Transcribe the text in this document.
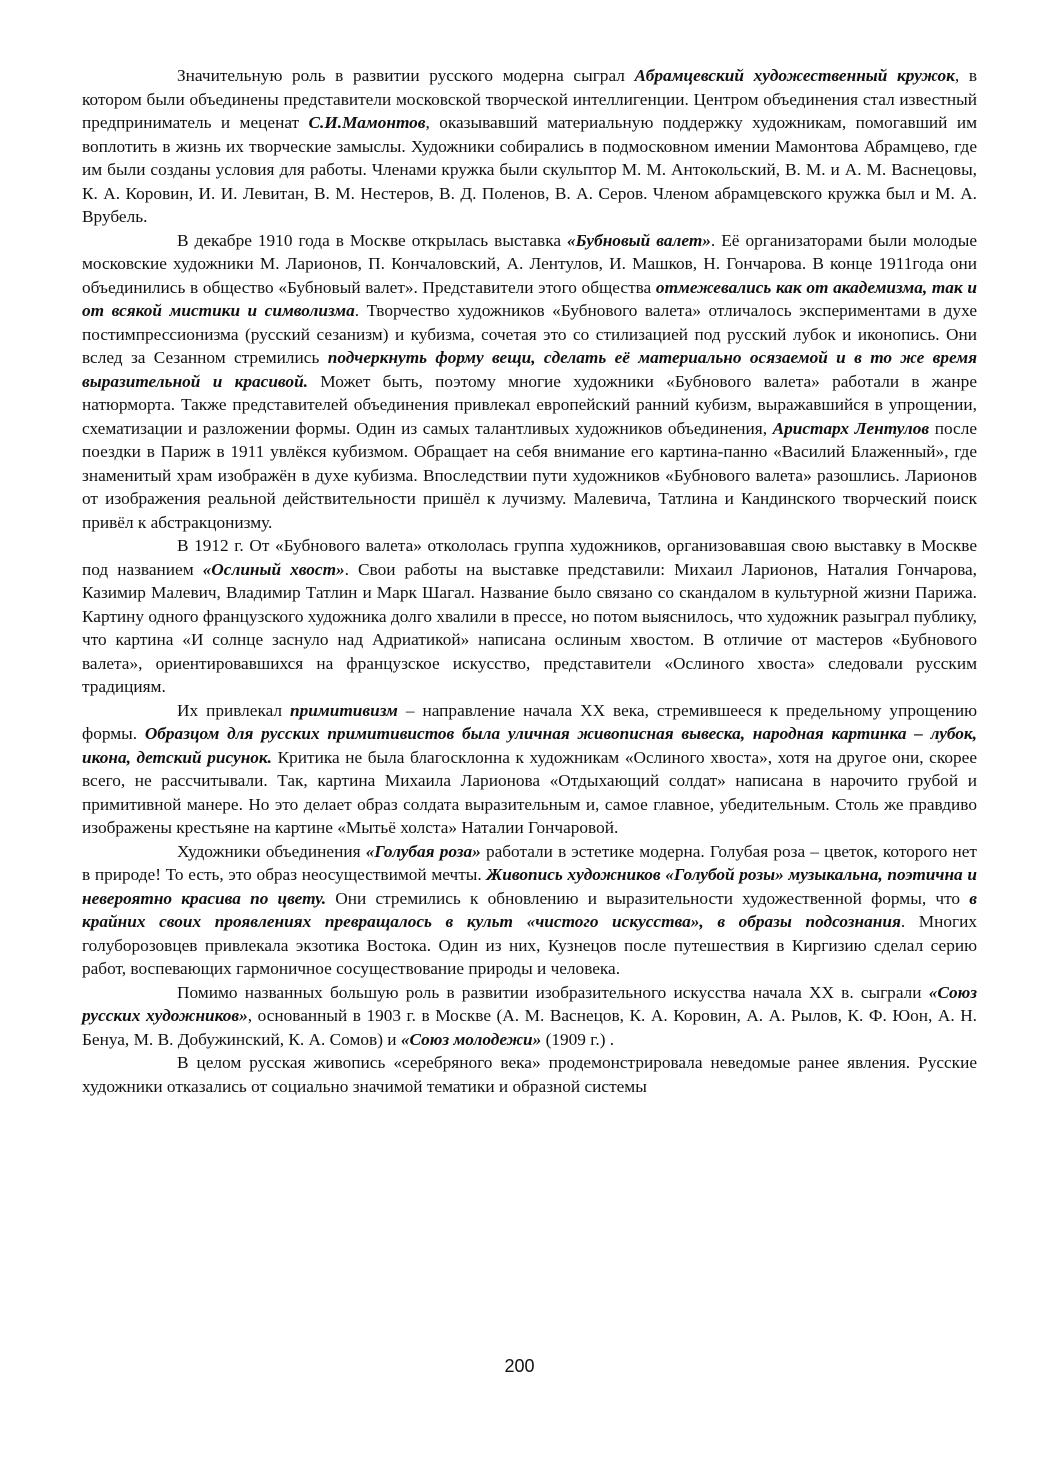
Значительную роль в развитии русского модерна сыграл Абрамцевский художественный кружок, в котором были объединены представители московской творческой интеллигенции. Центром объединения стал известный предприниматель и меценат С.И.Мамонтов, оказывавший материальную поддержку художникам, помогавший им воплотить в жизнь их творческие замыслы. Художники собирались в подмосковном имении Мамонтова Абрамцево, где им были созданы условия для работы. Членами кружка были скульптор М. М. Антокольский, В. М. и А. М. Васнецовы, К. А. Коровин, И. И. Левитан, В. М. Нестеров, В. Д. Поленов, В. А. Серов. Членом абрамцевского кружка был и М. А. Врубель.

В декабре 1910 года в Москве открылась выставка «Бубновый валет». Её организаторами были молодые московские художники М. Ларионов, П. Кончаловский, А. Лентулов, И. Машков, Н. Гончарова. В конце 1911года они объединились в общество «Бубновый валет». Представители этого общества отмежевались как от академизма, так и от всякой мистики и символизма. Творчество художников «Бубнового валета» отличалось экспериментами в духе постимпрессионизма (русский сезанизм) и кубизма, сочетая это со стилизацией под русский лубок и иконопись. Они вслед за Сезанном стремились подчеркнуть форму вещи, сделать её материально осязаемой и в то же время выразительной и красивой. Может быть, поэтому многие художники «Бубнового валета» работали в жанре натюрморта. Также представителей объединения привлекал европейский ранний кубизм, выражавшийся в упрощении, схематизации и разложении формы. Один из самых талантливых художников объединения, Аристарх Лентулов после поездки в Париж в 1911 увлёкся кубизмом. Обращает на себя внимание его картина-панно «Василий Блаженный», где знаменитый храм изображён в духе кубизма. Впоследствии пути художников «Бубнового валета» разошлись. Ларионов от изображения реальной действительности пришёл к лучизму. Малевича, Татлина и Кандинского творческий поиск привёл к абстракцонизму.

В 1912 г. От «Бубнового валета» откололась группа художников, организовавшая свою выставку в Москве под названием «Ослиный хвост». Свои работы на выставке представили: Михаил Ларионов, Наталия Гончарова, Казимир Малевич, Владимир Татлин и Марк Шагал. Название было связано со скандалом в культурной жизни Парижа. Картину одного французского художника долго хвалили в прессе, но потом выяснилось, что художник разыграл публику, что картина «И солнце заснуло над Адриатикой» написана ослиным хвостом. В отличие от мастеров «Бубнового валета», ориентировавшихся на французское искусство, представители «Ослиного хвоста» следовали русским традициям.

Их привлекал примитивизм – направление начала ХХ века, стремившееся к предельному упрощению формы. Образцом для русских примитивистов была уличная живописная вывеска, народная картинка – лубок, икона, детский рисунок. Критика не была благосклонна к художникам «Ослиного хвоста», хотя на другое они, скорее всего, не рассчитывали. Так, картина Михаила Ларионова «Отдыхающий солдат» написана в нарочито грубой и примитивной манере. Но это делает образ солдата выразительным и, самое главное, убедительным. Столь же правдиво изображены крестьяне на картине «Мытьё холста» Наталии Гончаровой.

Художники объединения «Голубая роза» работали в эстетике модерна. Голубая роза – цветок, которого нет в природе! То есть, это образ неосуществимой мечты. Живопись художников «Голубой розы» музыкальна, поэтична и невероятно красива по цвету. Они стремились к обновлению и выразительности художественной формы, что в крайних своих проявлениях превращалось в культ «чистого искусства», в образы подсознания. Многих голуборозовцев привлекала экзотика Востока. Один из них, Кузнецов после путешествия в Киргизию сделал серию работ, воспевающих гармоничное сосуществование природы и человека.

Помимо названных большую роль в развитии изобразительного искусства начала ХХ в. сыграли «Союз русских художников», основанный в 1903 г. в Москве (А. М. Васнецов, К. А. Коровин, А. А. Рылов, К. Ф. Юон, А. Н. Бенуа, М. В. Добужинский, К. А. Сомов) и «Союз молодежи» (1909 г.) .

В целом русская живопись «серебряного века» продемонстрировала неведомые ранее явления. Русские художники отказались от социально значимой тематики и образной системы

200
